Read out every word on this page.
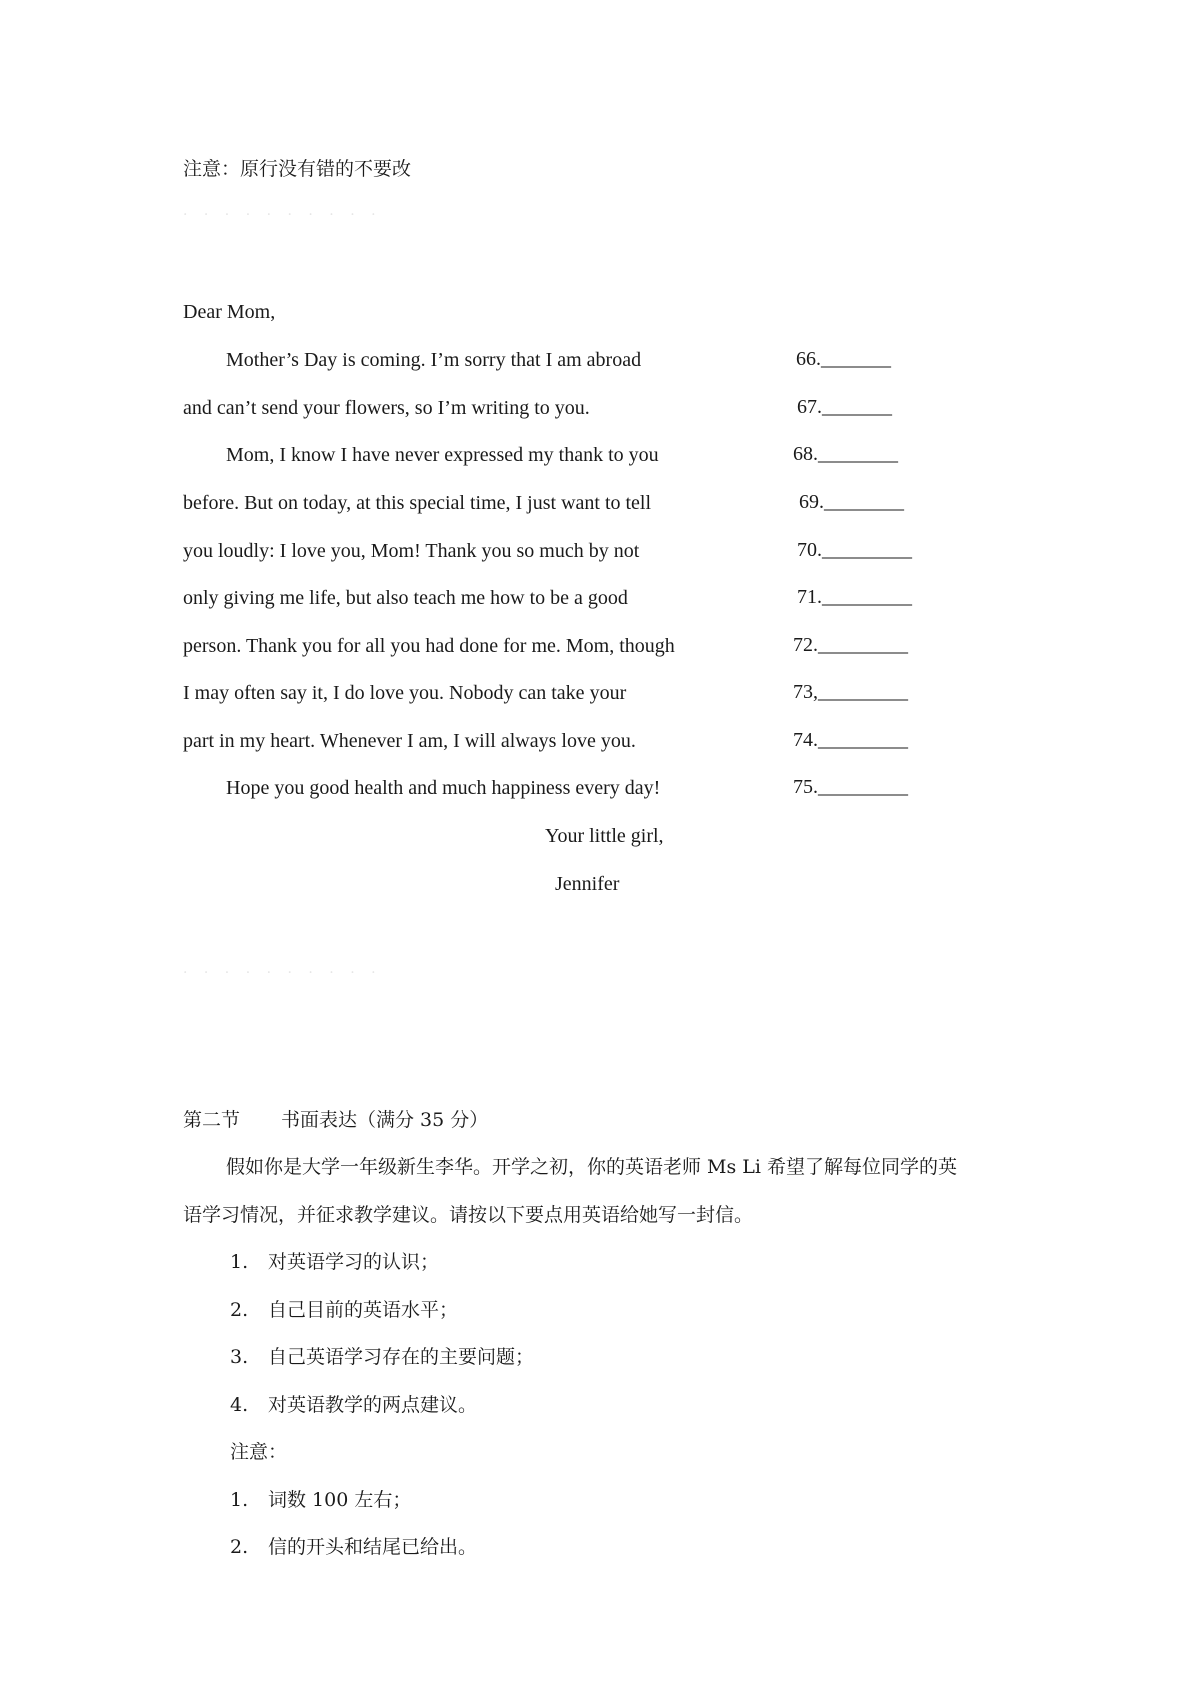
注意：原行没有错的不要改
· · · · · · · · · ·
Dear Mom,
Mother’s Day is coming. I’m sorry that I am abroad	66._______
and can’t send your flowers, so I’m writing to you.	67._______
Mom, I know I have never expressed my thank to you	68.________
before. But on today, at this special time, I just want to tell	69.________
you loudly: I love you, Mom! Thank you so much by not	70._________
only giving me life, but also teach me how to be a good	71._________
person. Thank you for all you had done for me. Mom, though	72._________
I may often say it, I do love you. Nobody can take your	73,_________
part in my heart. Whenever I am, I will always love you.	74._________
Hope you good health and much happiness every day!	75._________
Your little girl,
Jennifer
· · · · · · · · · ·
第二节 书面表达（满分 35 分）
假如你是大学一年级新生李华。开学之初，你的英语老师 Ms Li 希望了解每位同学的英
语学习情况，并征求教学建议。请按以下要点用英语给她写一封信。
1. 对英语学习的认识；
2. 自己目前的英语水平；
3. 自己英语学习存在的主要问题；
4. 对英语教学的两点建议。
注意：
1. 词数 100 左右；
2. 信的开头和结尾已给出。
